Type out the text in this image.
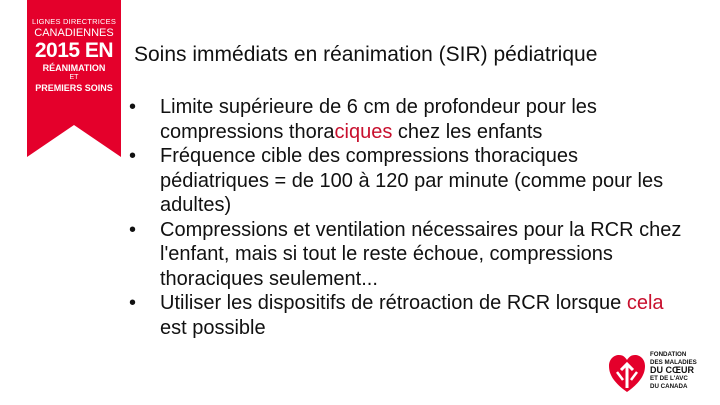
LIGNES DIRECTRICES
CANADIENNES
2015 EN
RÉANIMATION
ET
PREMIERS SOINS
Soins immédiats en réanimation (SIR) pédiatrique
• Limite supérieure de 6 cm de profondeur pour les compressions thoraciques chez les enfants
• Fréquence cible des compressions thoraciques pédiatriques = de 100 à 120 par minute (comme pour les adultes)
• Compressions et ventilation nécessaires pour la RCR chez l'enfant, mais si tout le reste échoue, compressions thoraciques seulement...
• Utiliser les dispositifs de rétroaction de RCR lorsque cela est possible
FONDATION
DES MALADIES
DU CŒUR
ET DE L'AVC
DU CANADA
